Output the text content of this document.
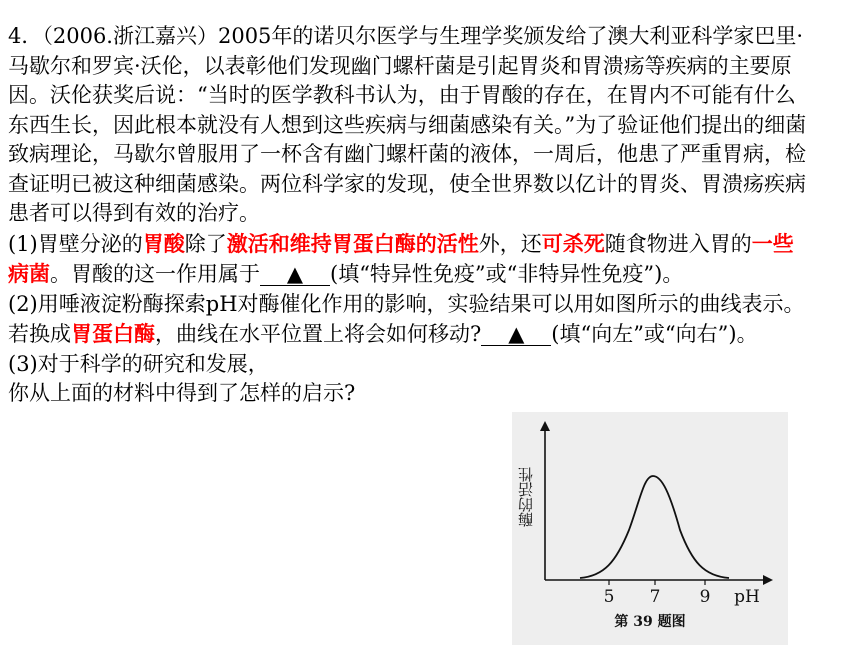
4．（2006.浙江嘉兴）2005年的诺贝尔医学与生理学奖颁发给了澳大利亚科学家巴里·马歇尔和罗宾·沃伦，以表彰他们发现幽门螺杆菌是引起胃炎和胃溃疡等疾病的主要原因。沃伦获奖后说：“当时的医学教科书认为，由于胃酸的存在，在胃内不可能有什么东西生长，因此根本就没有人想到这些疾病与细菌感染有关。”为了验证他们提出的细菌致病理论，马歇尔曾服用了一杯含有幽门螺杆菌的液体，一周后，他患了严重胃病，检查证明已被这种细菌感染。两位科学家的发现，使全世界数以亿计的胃炎、胃溃疡疾病患者可以得到有效的治疗。

(1)胃壁分泌的胃酸除了激活和维持胃蛋白酶的活性外，还可杀死随食物进入胃的一些病菌。胃酸的这一作用属于 ▲ (填“特异性免疫”或“非特异性免疫”)。

(2)用唾液淀粉酶探索pH对酶催化作用的影响，实验结果可以用如图所示的曲线表示。若换成胃蛋白酶，曲线在水平位置上将会如何移动? ▲ (填“向左”或“向右”)。

(3)对于科学的研究和发展，

你从上面的材料中得到了怎样的启示?

酶的活性
5 7 9 pH
第 39 题图
